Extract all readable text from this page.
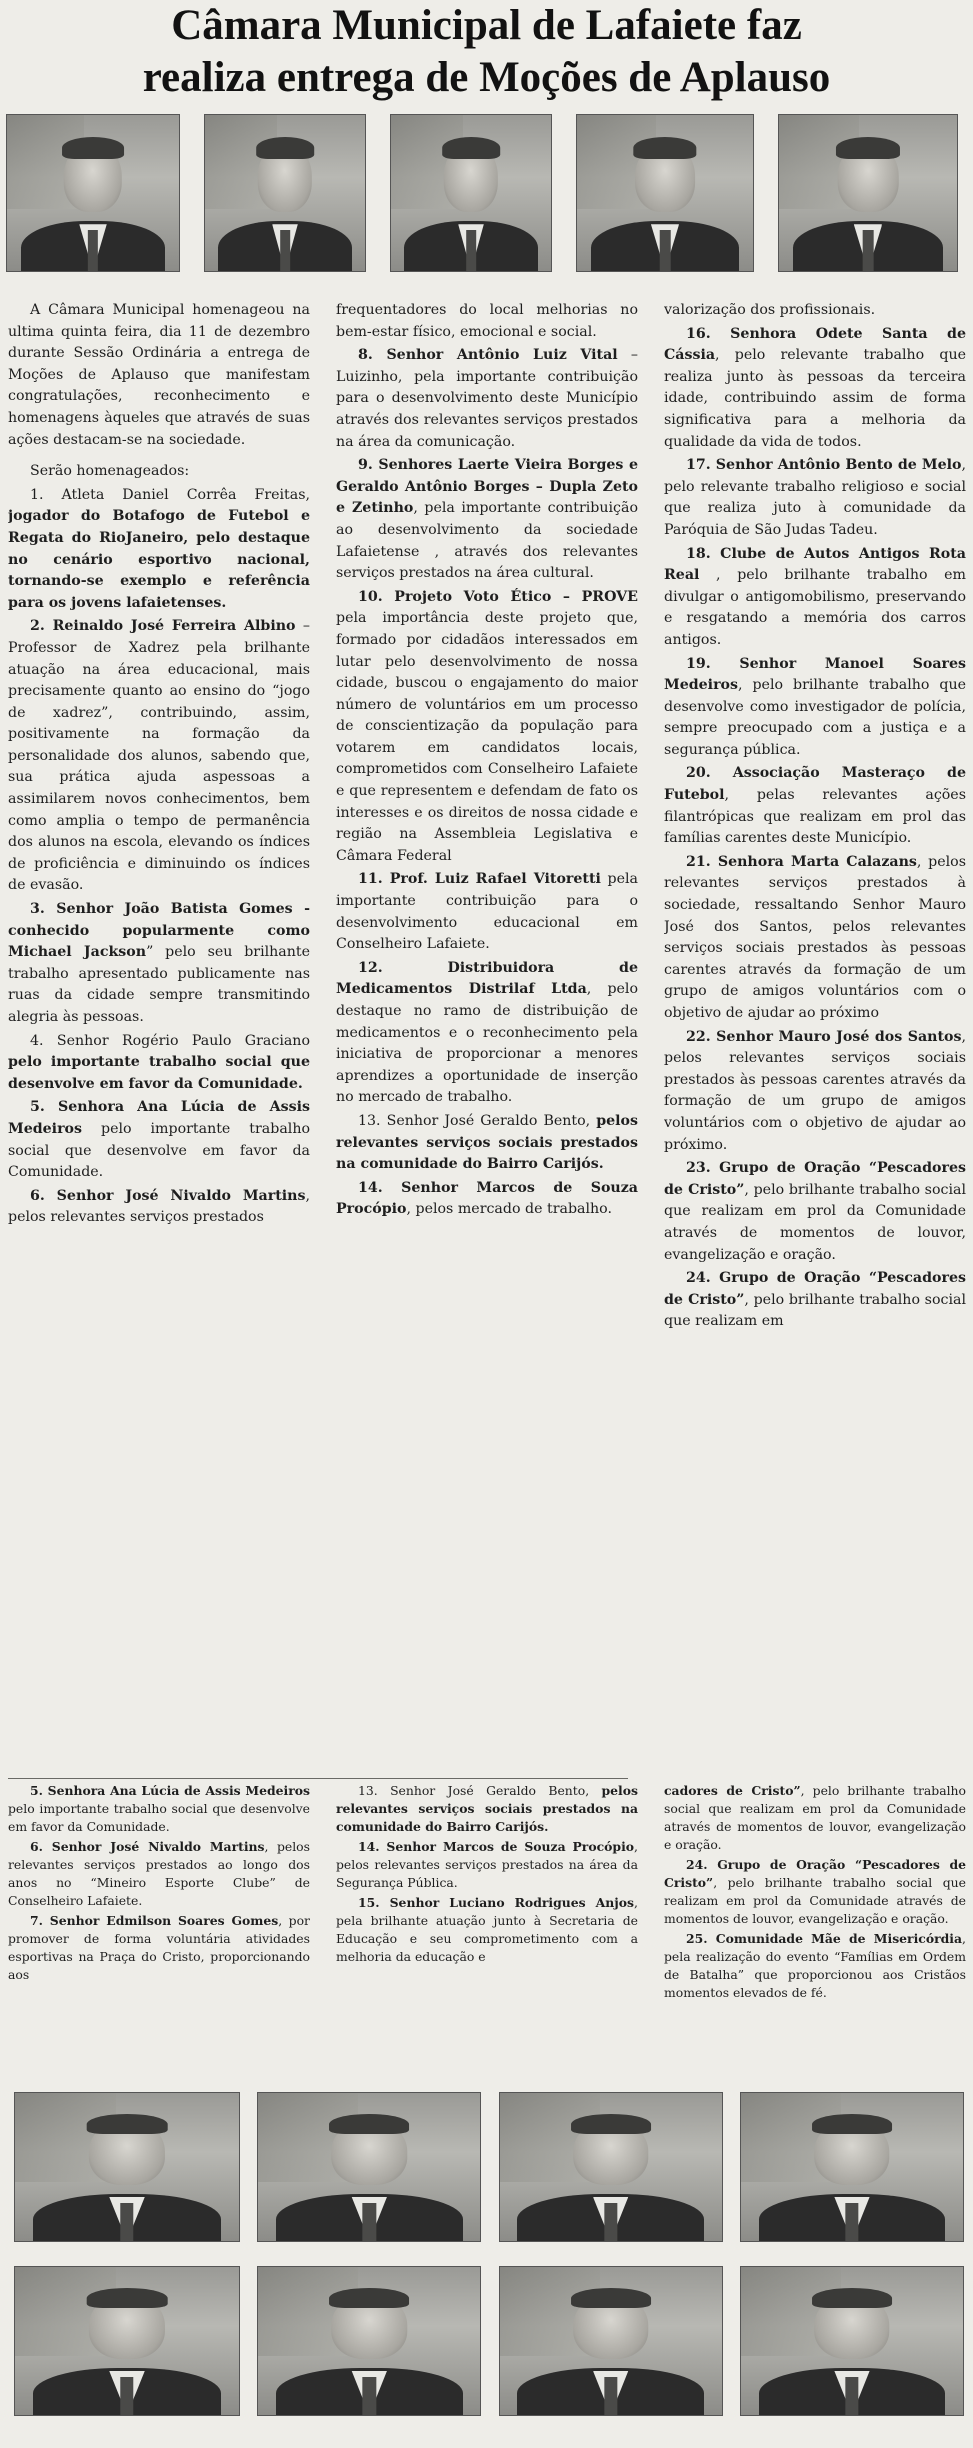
Câmara Municipal de Lafaiete faz
realiza entrega de Moções de Aplauso

A Câmara Municipal homenageou na ultima quinta feira, dia 11 de dezembro durante Sessão Ordinária a entrega de Moções de Aplauso que manifestam congratulações, reconhecimento e homenagens àqueles que através de suas ações destacam-se na sociedade.

Serão homenageados:

1. Atleta Daniel Corrêa Freitas, jogador do Botafogo de Futebol e Regata do RioJaneiro, pelo destaque no cenário esportivo nacional, tornando-se exemplo e referência para os jovens lafaietenses.

2. Reinaldo José Ferreira Albino – Professor de Xadrez pela brilhante atuação na área educacional, mais precisamente quanto ao ensino do “jogo de xadrez”, contribuindo, assim, positivamente na formação da personalidade dos alunos, sabendo que, sua prática ajuda aspessoas a assimilarem novos conhecimentos, bem como amplia o tempo de permanência dos alunos na escola, elevando os índices de proficiência e diminuindo os índices de evasão.

3. Senhor João Batista Gomes - conhecido popularmente como Michael Jackson” pelo seu brilhante trabalho apresentado publicamente nas ruas da cidade sempre transmitindo alegria às pessoas.

4. Senhor Rogério Paulo Graciano pelo importante trabalho social que desenvolve em favor da Comunidade.

5. Senhora Ana Lúcia de Assis Medeiros pelo importante trabalho social que desenvolve em favor da Comunidade.

6. Senhor José Nivaldo Martins, pelos relevantes serviços prestados

frequentadores do local melhorias no bem-estar físico, emocional e social.

8. Senhor Antônio Luiz Vital – Luizinho, pela importante contribuição para o desenvolvimento deste Município através dos relevantes serviços prestados na área da comunicação.

9. Senhores Laerte Vieira Borges e Geraldo Antônio Borges – Dupla Zeto e Zetinho, pela importante contribuição ao desenvolvimento da sociedade Lafaietense , através dos relevantes serviços prestados na área cultural.

10. Projeto Voto Ético – PROVE pela importância deste projeto que, formado por cidadãos interessados em lutar pelo desenvolvimento de nossa cidade, buscou o engajamento do maior número de voluntários em um processo de conscientização da população para votarem em candidatos locais, comprometidos com Conselheiro Lafaiete e que representem e defendam de fato os interesses e os direitos de nossa cidade e região na Assembleia Legislativa e Câmara Federal

11. Prof. Luiz Rafael Vitoretti pela importante contribuição para o desenvolvimento educacional em Conselheiro Lafaiete.

12. Distribuidora de Medicamentos Distrilaf Ltda, pelo destaque no ramo de distribuição de medicamentos e o reconhecimento pela iniciativa de proporcionar a menores aprendizes a oportunidade de inserção no mercado de trabalho.

13. Senhor José Geraldo Bento, pelos relevantes serviços sociais prestados na comunidade do Bairro Carijós.

14. Senhor Marcos de Souza Procópio, pelos mercado de trabalho.

valorização dos profissionais.

16. Senhora Odete Santa de Cássia, pelo relevante trabalho que realiza junto às pessoas da terceira idade, contribuindo assim de forma significativa para a melhoria da qualidade da vida de todos.

17. Senhor Antônio Bento de Melo, pelo relevante trabalho religioso e social que realiza juto à comunidade da Paróquia de São Judas Tadeu.

18. Clube de Autos Antigos Rota Real , pelo brilhante trabalho em divulgar o antigomobilismo, preservando e resgatando a memória dos carros antigos.

19. Senhor Manoel Soares Medeiros, pelo brilhante trabalho que desenvolve como investigador de polícia, sempre preocupado com a justiça e a segurança pública.

20. Associação Masteraço de Futebol, pelas relevantes ações filantrópicas que realizam em prol das famílias carentes deste Município.

21. Senhora Marta Calazans, pelos relevantes serviços prestados à sociedade, ressaltando Senhor Mauro José dos Santos, pelos relevantes serviços sociais prestados às pessoas carentes através da formação de um grupo de amigos voluntários com o objetivo de ajudar ao próximo

22. Senhor Mauro José dos Santos, pelos relevantes serviços sociais prestados às pessoas carentes através da formação de um grupo de amigos voluntários com o objetivo de ajudar ao próximo.

23. Grupo de Oração “Pescadores de Cristo”, pelo brilhante trabalho social que realizam em prol da Comunidade através de momentos de louvor, evangelização e oração.

24. Grupo de Oração “Pescadores de Cristo”, pelo brilhante trabalho social que realizam em

5. Senhora Ana Lúcia de Assis Medeiros pelo importante trabalho social que desenvolve em favor da Comunidade.

6. Senhor José Nivaldo Martins, pelos relevantes serviços prestados ao longo dos anos no “Mineiro Esporte Clube” de Conselheiro Lafaiete.

7. Senhor Edmilson Soares Gomes, por promover de forma voluntária atividades esportivas na Praça do Cristo, proporcionando aos

13. Senhor José Geraldo Bento, pelos relevantes serviços sociais prestados na comunidade do Bairro Carijós.

14. Senhor Marcos de Souza Procópio, pelos relevantes serviços prestados na área da Segurança Pública.

15. Senhor Luciano Rodrigues Anjos, pela brilhante atuação junto à Secretaria de Educação e seu comprometimento com a melhoria da educação e

cadores de Cristo”, pelo brilhante trabalho social que realizam em prol da Comunidade através de momentos de louvor, evangelização e oração.

24. Grupo de Oração “Pescadores de Cristo”, pelo brilhante trabalho social que realizam em prol da Comunidade através de momentos de louvor, evangelização e oração.

25. Comunidade Mãe de Misericórdia, pela realização do evento “Famílias em Ordem de Batalha” que proporcionou aos Cristãos momentos elevados de fé.
